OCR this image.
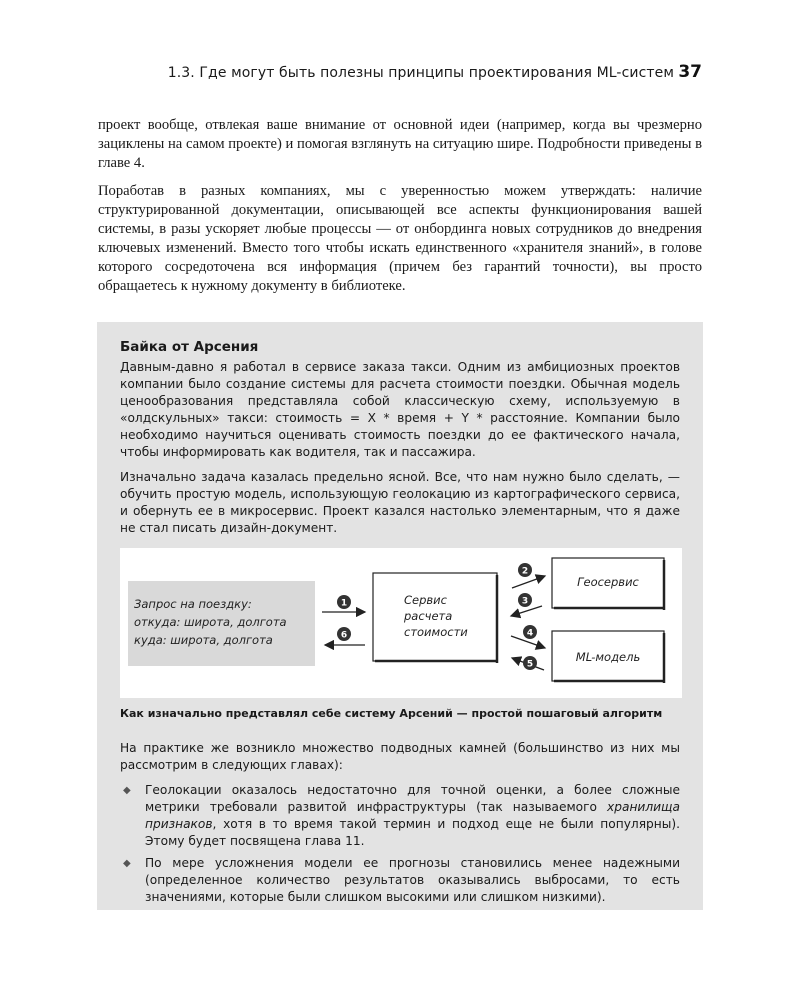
1.3. Где могут быть полезны принципы проектирования ML-систем 37

проект вообще, отвлекая ваше внимание от основной идеи (например, когда вы чрезмерно зациклены на самом проекте) и помогая взглянуть на ситуацию шире. Подробности приведены в главе 4.

Поработав в разных компаниях, мы с уверенностью можем утверждать: наличие структурированной документации, описывающей все аспекты функционирования вашей системы, в разы ускоряет любые процессы — от онбординга новых сотрудников до внедрения ключевых изменений. Вместо того чтобы искать единственного «хранителя знаний», в голове которого сосредоточена вся информация (причем без гарантий точности), вы просто обращаетесь к нужному документу в библиотеке.

Байка от Арсения

Давным-давно я работал в сервисе заказа такси. Одним из амбициозных проектов компании было создание системы для расчета стоимости поездки. Обычная модель ценообразования представляла собой классическую схему, используемую в «олдскульных» такси: стоимость = X * время + Y * расстояние. Компании было необходимо научиться оценивать стоимость поездки до ее фактического начала, чтобы информировать как водителя, так и пассажира.

Изначально задача казалась предельно ясной. Все, что нам нужно было сделать, — обучить простую модель, использующую геолокацию из картографического сервиса, и обернуть ее в микросервис. Проект казался настолько элементарным, что я даже не стал писать дизайн-документ.

Запрос на поездку:
откуда: широта, долгота
куда: широта, долгота
1
6
Сервис
расчета
стоимости
Геосервис
ML-модель
2
3
4
5
Как изначально представлял себе систему Арсений — простой пошаговый алгоритм

На практике же возникло множество подводных камней (большинство из них мы рассмотрим в следующих главах):

◆ Геолокации оказалось недостаточно для точной оценки, а более сложные метрики требовали развитой инфраструктуры (так называемого хранилища признаков, хотя в то время такой термин и подход еще не были популярны). Этому будет посвящена глава 11.
◆ По мере усложнения модели ее прогнозы становились менее надежными (определенное количество результатов оказывались выбросами, то есть значениями, которые были слишком высокими или слишком низкими).
